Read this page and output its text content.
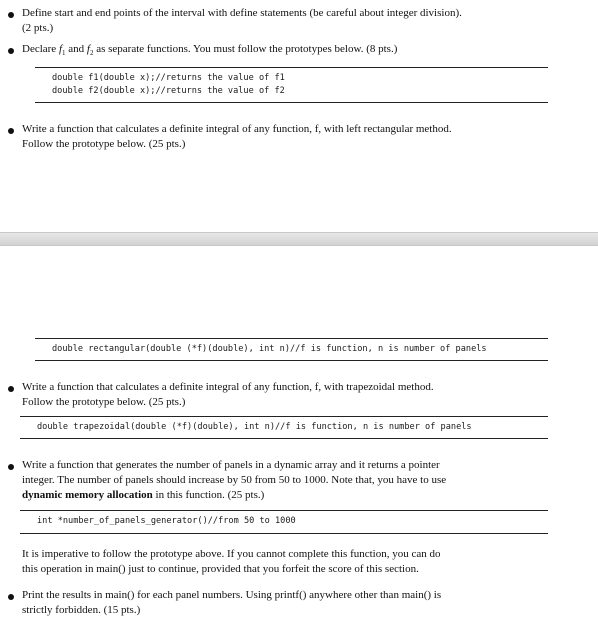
Define start and end points of the interval with define statements (be careful about integer division).
(2 pts.)
Declare $f_1$ and $f_2$ as separate functions. You must follow the prototypes below. (8 pts.)
double f1(double x);//returns the value of f1
double f2(double x);//returns the value of f2
Write a function that calculates a definite integral of any function, f, with left rectangular method.
Follow the prototype below. (25 pts.)
double rectangular(double (*f)(double), int n)//f is function, n is number of panels
Write a function that calculates a definite integral of any function, f, with trapezoidal method.
Follow the prototype below. (25 pts.)
double trapezoidal(double (*f)(double), int n)//f is function, n is number of panels
Write a function that generates the number of panels in a dynamic array and it returns a pointer
integer. The number of panels should increase by 50 from 50 to 1000. Note that, you have to use
dynamic memory allocation in this function. (25 pts.)
int *number_of_panels_generator()//from 50 to 1000
It is imperative to follow the prototype above. If you cannot complete this function, you can do
this operation in main() just to continue, provided that you forfeit the score of this section.
Print the results in main() for each panel numbers. Using printf() anywhere other than main() is
strictly forbidden. (15 pts.)
